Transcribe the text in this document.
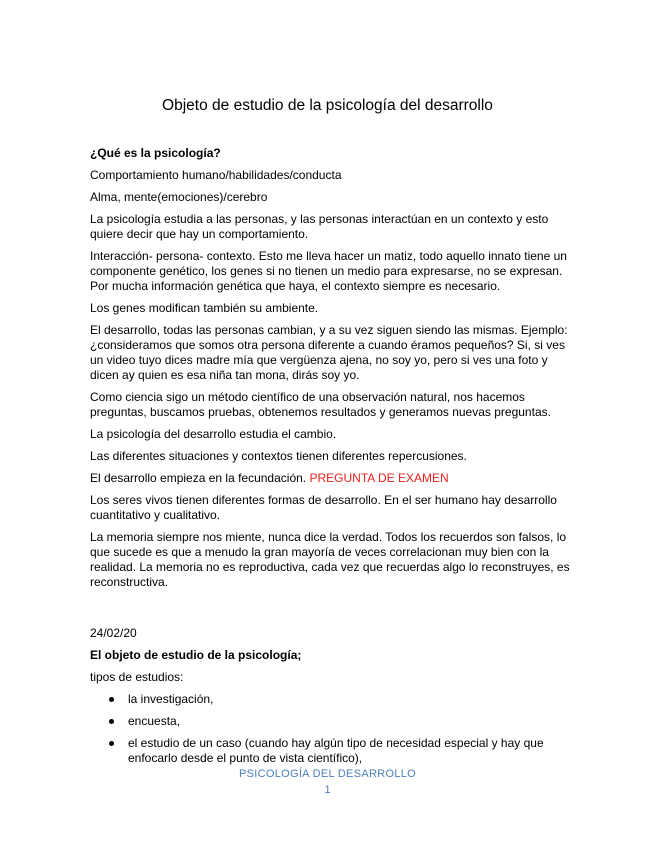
Objeto de estudio de la psicología del desarrollo

¿Qué es la psicología?

Comportamiento humano/habilidades/conducta

Alma, mente(emociones)/cerebro

La psicología estudia a las personas, y las personas interactúan en un contexto y esto quiere decir que hay un comportamiento.

Interacción- persona- contexto. Esto me lleva hacer un matiz, todo aquello innato tiene un componente genético, los genes si no tienen un medio para expresarse, no se expresan. Por mucha información genética que haya, el contexto siempre es necesario.

Los genes modifican también su ambiente.

El desarrollo, todas las personas cambian, y a su vez siguen siendo las mismas. Ejemplo: ¿consideramos que somos otra persona diferente a cuando éramos pequeños? Si, si ves un video tuyo dices madre mía que vergüenza ajena, no soy yo, pero si ves una foto y dicen ay quien es esa niña tan mona, dirás soy yo.

Como ciencia sigo un método científico de una observación natural, nos hacemos preguntas, buscamos pruebas, obtenemos resultados y generamos nuevas preguntas.

La psicología del desarrollo estudia el cambio.

Las diferentes situaciones y contextos tienen diferentes repercusiones.

El desarrollo empieza en la fecundación. PREGUNTA DE EXAMEN

Los seres vivos tienen diferentes formas de desarrollo. En el ser humano hay desarrollo cuantitativo y cualitativo.

La memoria siempre nos miente, nunca dice la verdad. Todos los recuerdos son falsos, lo que sucede es que a menudo la gran mayoría de veces correlacionan muy bien con la realidad. La memoria no es reproductiva, cada vez que recuerdas algo lo reconstruyes, es reconstructiva.

24/02/20

El objeto de estudio de la psicología;

tipos de estudios:

la investigación,
encuesta,
el estudio de un caso (cuando hay algún tipo de necesidad especial y hay que enfocarlo desde el punto de vista científico),
PSICOLOGÍA DEL DESARROLLO
1
